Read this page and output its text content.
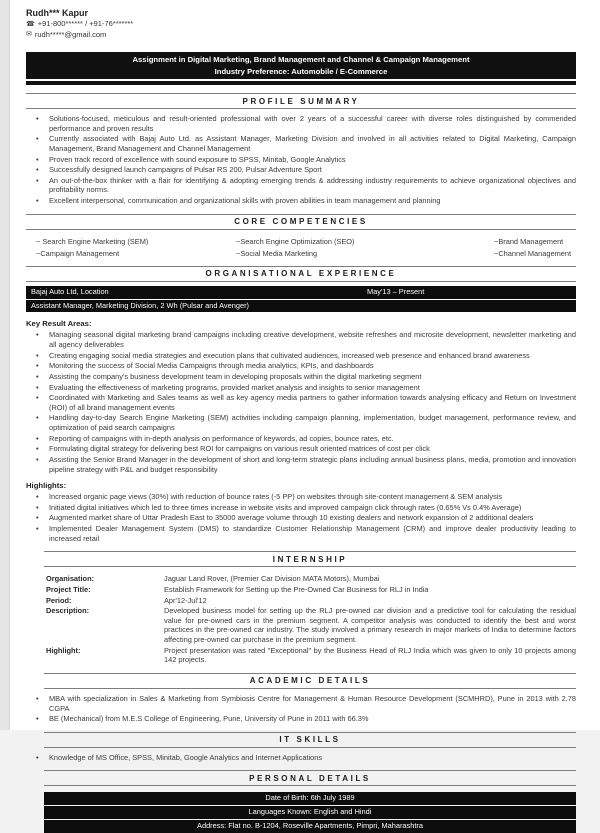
Rudh*** Kapur
☎
+91-800****** / +91-76*******
✉
rudh*****@gmail.com
Assignment in Digital Marketing, Brand Management and Channel & Campaign Management
Industry Preference: Automobile / E-Commerce
PROFILE SUMMARY
• Solutions-focused, meticulous and result-oriented professional with over 2 years of a successful career with diverse roles distinguished by commended performance and proven results
• Currently associated with Bajaj Auto Ltd. as Assistant Manager, Marketing Division and involved in all activities related to Digital Marketing, Campaign Management, Brand Management and Channel Management
• Proven track record of excellence with sound exposure to SPSS, Minitab, Google Analytics
• Successfully designed launch campaigns of Pulsar RS 200, Pulsar Adventure Sport
• An out-of-the-box thinker with a flair for identifying & adopting emerging trends & addressing industry requirements to achieve organizational objectives and profitability norms.
• Excellent interpersonal, communication and organizational skills with proven abilities in team management and planning
CORE COMPETENCIES
~ Search Engine Marketing (SEM)	~Search Engine Optimization (SEO)	~Brand Management
~Campaign Management	~Social Media Marketing	~Channel Management
ORGANISATIONAL EXPERIENCE
Bajaj Auto Ltd, Location	May'13 – Present
Assistant Manager, Marketing Division, 2 Wh (Pulsar and Avenger)
Key Result Areas:
• Managing seasonal digital marketing brand campaigns including creative development, website refreshes and microsite development, newsletter marketing and all agency deliverables
• Creating engaging social media strategies and execution plans that cultivated audiences, increased web presence and enhanced brand awareness
• Monitoring the success of Social Media Campaigns through media analytics, KPIs, and dashboards
• Assisting the company's business development team in developing proposals within the digital marketing segment
• Evaluating the effectiveness of marketing programs, provided market analysis and insights to senior management
• Coordinated with Marketing and Sales teams as well as key agency media partners to gather information towards analysing efficacy and Return on Investment (ROI) of all brand management events
• Handling day-to-day Search Engine Marketing (SEM) activities including campaign planning, implementation, budget management, performance review, and optimization of paid search campaigns
• Reporting of campaigns with in-depth analysis on performance of keywords, ad copies, bounce rates, etc.
• Formulating digital strategy for delivering best ROI for campaigns on various result oriented matrices of cost per click
• Assisting the Senior Brand Manager in the development of short and long-term strategic plans including annual business plans, media, promotion and innovation pipeline strategy with P&L and budget responsibility
Highlights:
• Increased organic page views (30%) with reduction of bounce rates (-5 PP) on websites through site-content management & SEM analysis
• Initiated digital initiatives which led to three times increase in website visits and improved campaign click through rates (0.65% Vs 0.4% Average)
• Augmented market share of Uttar Pradesh East to 35000 average volume through 10 existing dealers and network expansion of 2 additional dealers
• Implemented Dealer Management System (DMS) to standardize Customer Relationship Management (CRM) and improve dealer productivity leading to increased retail
INTERNSHIP
Organisation:	Jaguar Land Rover, (Premier Car Division MATA Motors), Mumbai
Project Title:	Establish Framework for Setting up the Pre-Owned Car Business for RLJ in India
Period:	Apr'12-Jul'12
Description:	Developed business model for setting up the RLJ pre-owned car division and a predictive tool for calculating the residual value for pre-owned cars in the premium segment. A competitor analysis was conducted to identify the best and worst practices in the pre-owned car industry. The study involved a primary research in major markets of India to determine factors affecting pre-owned car purchase in the premium segment.
Highlight:	Project presentation was rated "Exceptional" by the Business Head of RLJ India which was given to only 10 projects among 142 projects.
ACADEMIC DETAILS
• MBA with specialization in Sales & Marketing from Symbiosis Centre for Management & Human Resource Development (SCMHRD), Pune in 2013 with 2.78 CGPA
• BE (Mechanical) from M.E.S College of Engineering, Pune, University of Pune in 2011 with 66.3%
IT SKILLS
• Knowledge of MS Office, SPSS, Minitab, Google Analytics and Internet Applications
PERSONAL DETAILS
Date of Birth: 6th July 1989
Languages Known: English and Hindi
Address: Flat no. B-1204, Roseville Apartments, Pimpri, Maharashtra
